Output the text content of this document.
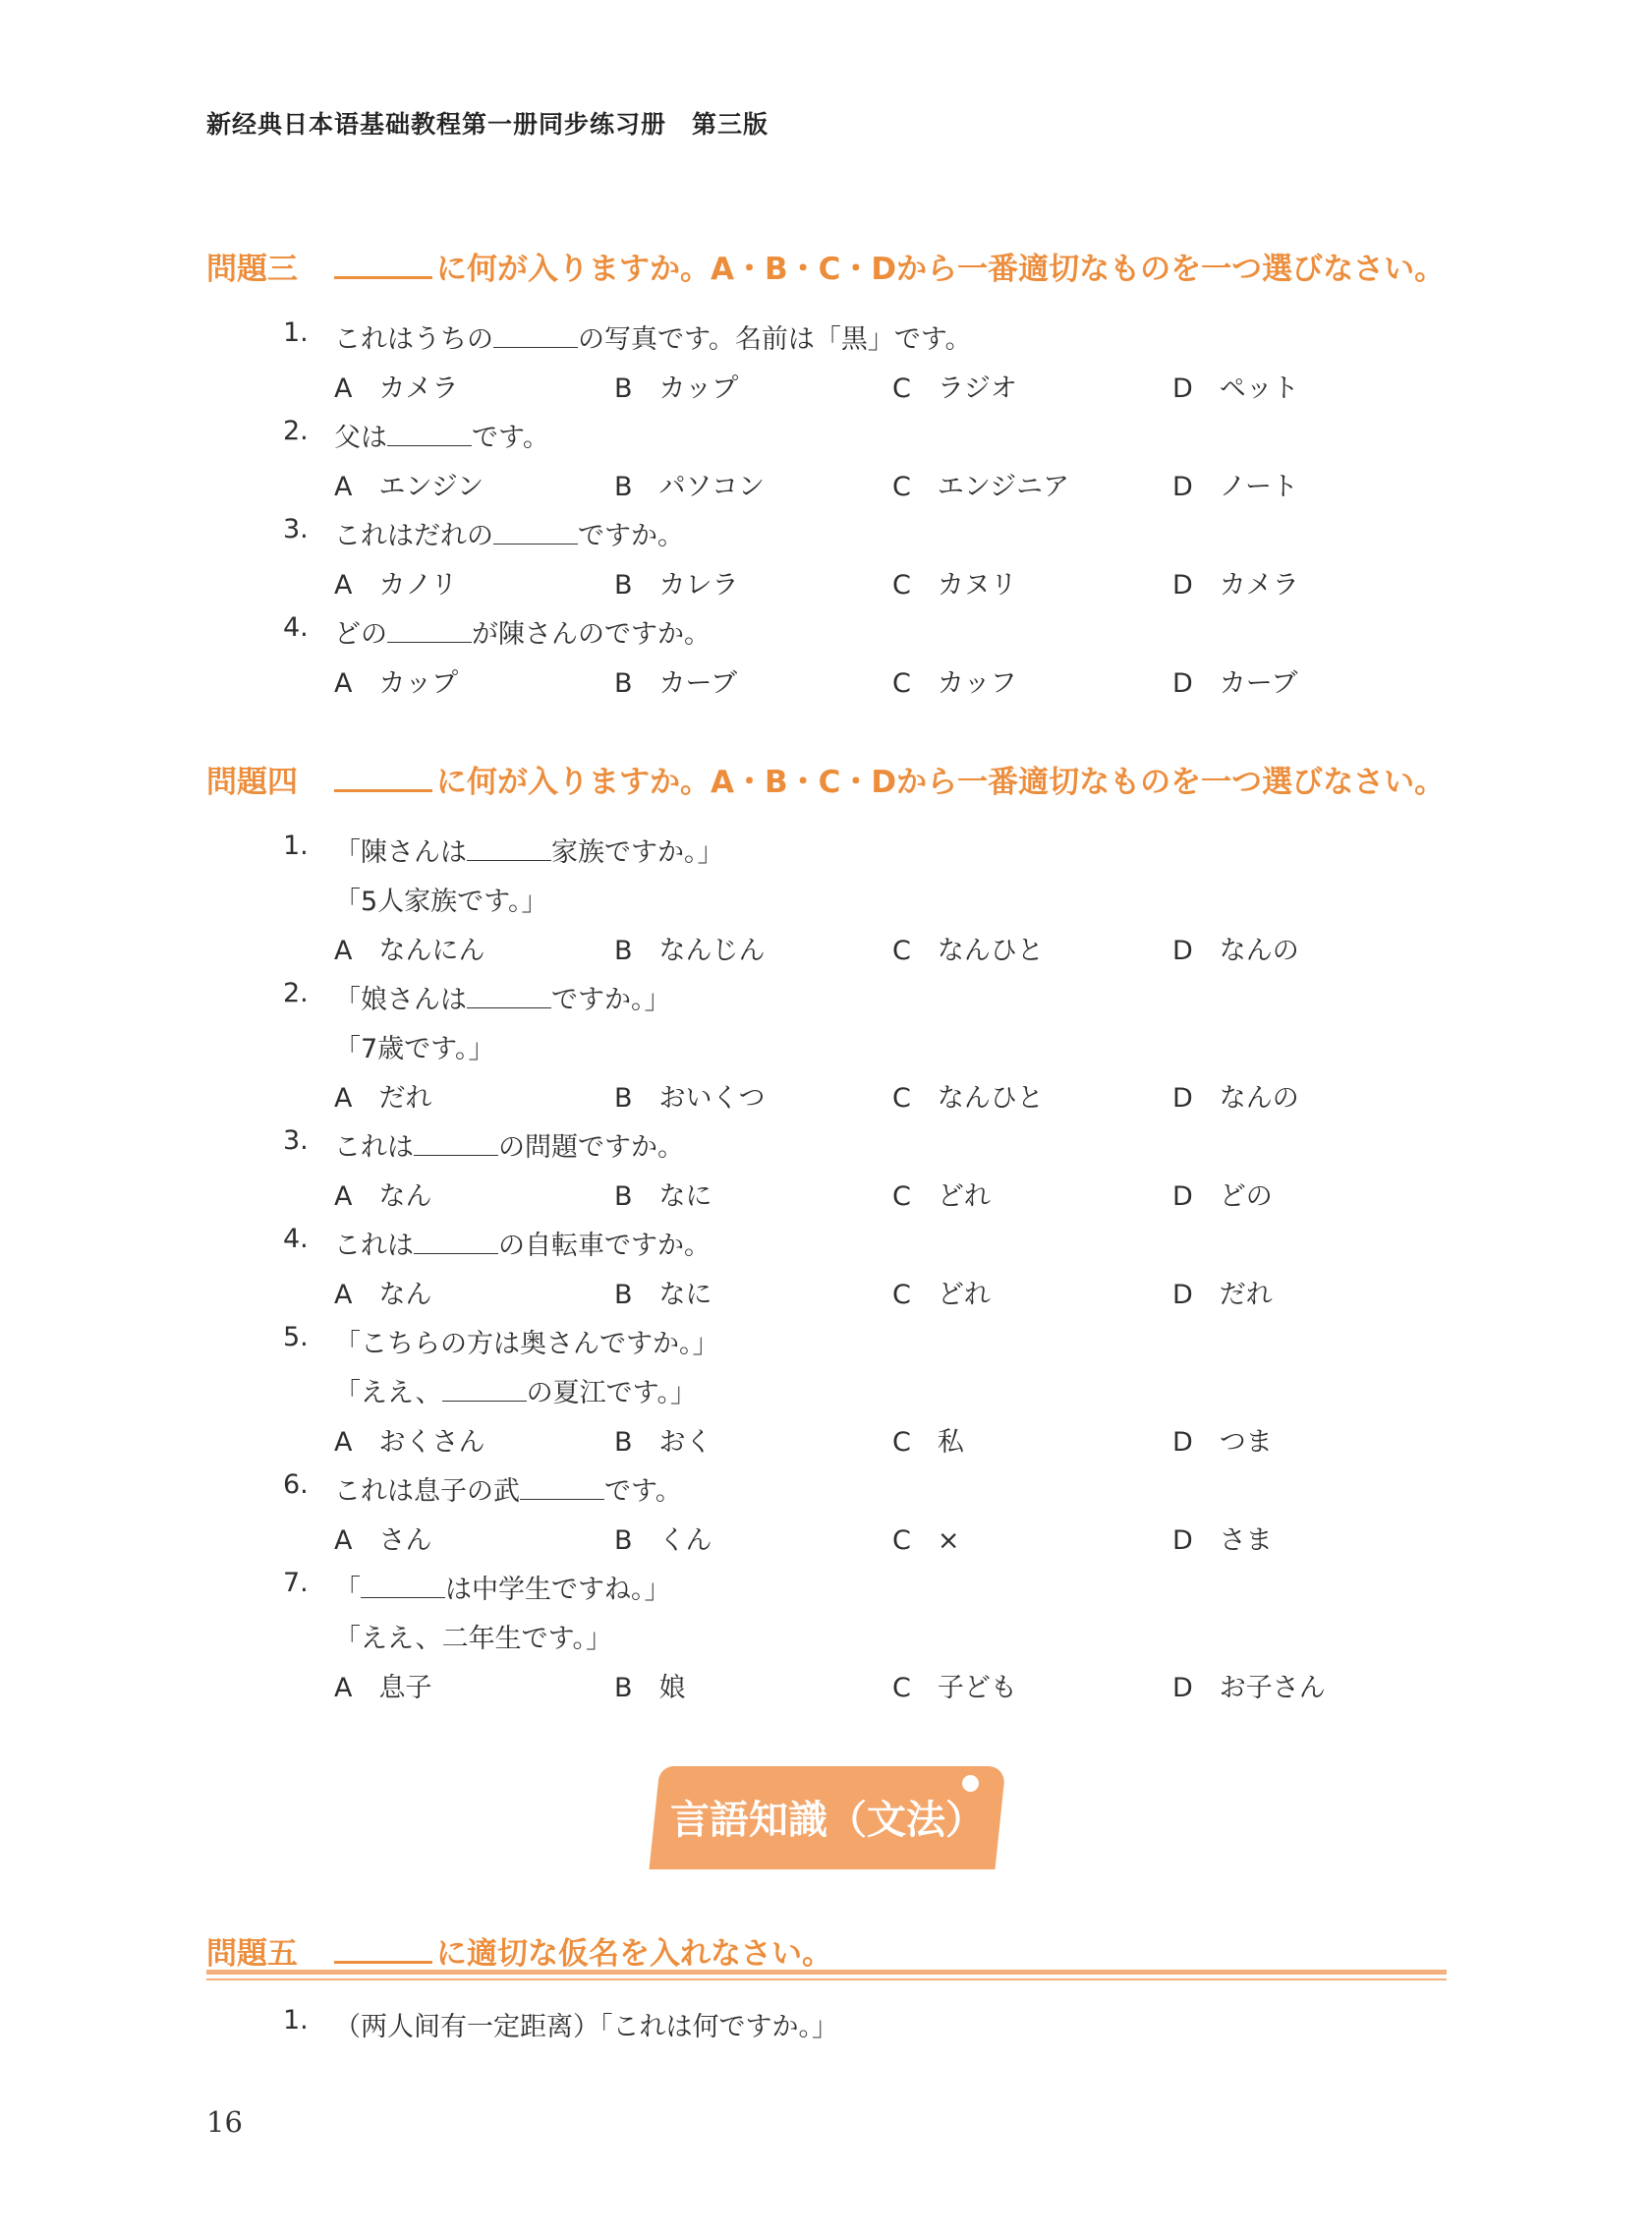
新经典日本语基础教程第一册同步练习册　第三版
問題三	に何が入りますか。A・B・C・Dから一番適切なものを一つ選びなさい。
1. これはうちの	の写真です。名前は「黒」です。
A　カメラ	B　カップ	C　ラジオ	D　ペット
2. 父は	です。
A　エンジン	B　パソコン	C　エンジニア	D　ノート
3. これはだれの	ですか。
A　カノリ	B　カレラ	C　カヌリ	D　カメラ
4. どの	が陳さんのですか。
A　カップ	B　カーブ	C　カッフ	D　カーブ
問題四	に何が入りますか。A・B・C・Dから一番適切なものを一つ選びなさい。
1. 「陳さんは	家族ですか。」
「5人家族です。」
A　なんにん	B　なんじん	C　なんひと	D　なんの
2. 「娘さんは	ですか。」
「7歳です。」
A　だれ	B　おいくつ	C　なんひと	D　なんの
3. これは	の問題ですか。
A　なん	B　なに	C　どれ	D　どの
4. これは	の自転車ですか。
A　なん	B　なに	C　どれ	D　だれ
5. 「こちらの方は奥さんですか。」
「ええ、	の夏江です。」
A　おくさん	B　おく	C　私	D　つま
6. これは息子の武	です。
A　さん	B　くん	C　×	D　さま
7. 「	は中学生ですね。」
「ええ、二年生です。」
A　息子	B　娘	C　子ども	D　お子さん
言語知識（文法）
問題五	に適切な仮名を入れなさい。
1. （两人间有一定距离）「これは何ですか。」
16
